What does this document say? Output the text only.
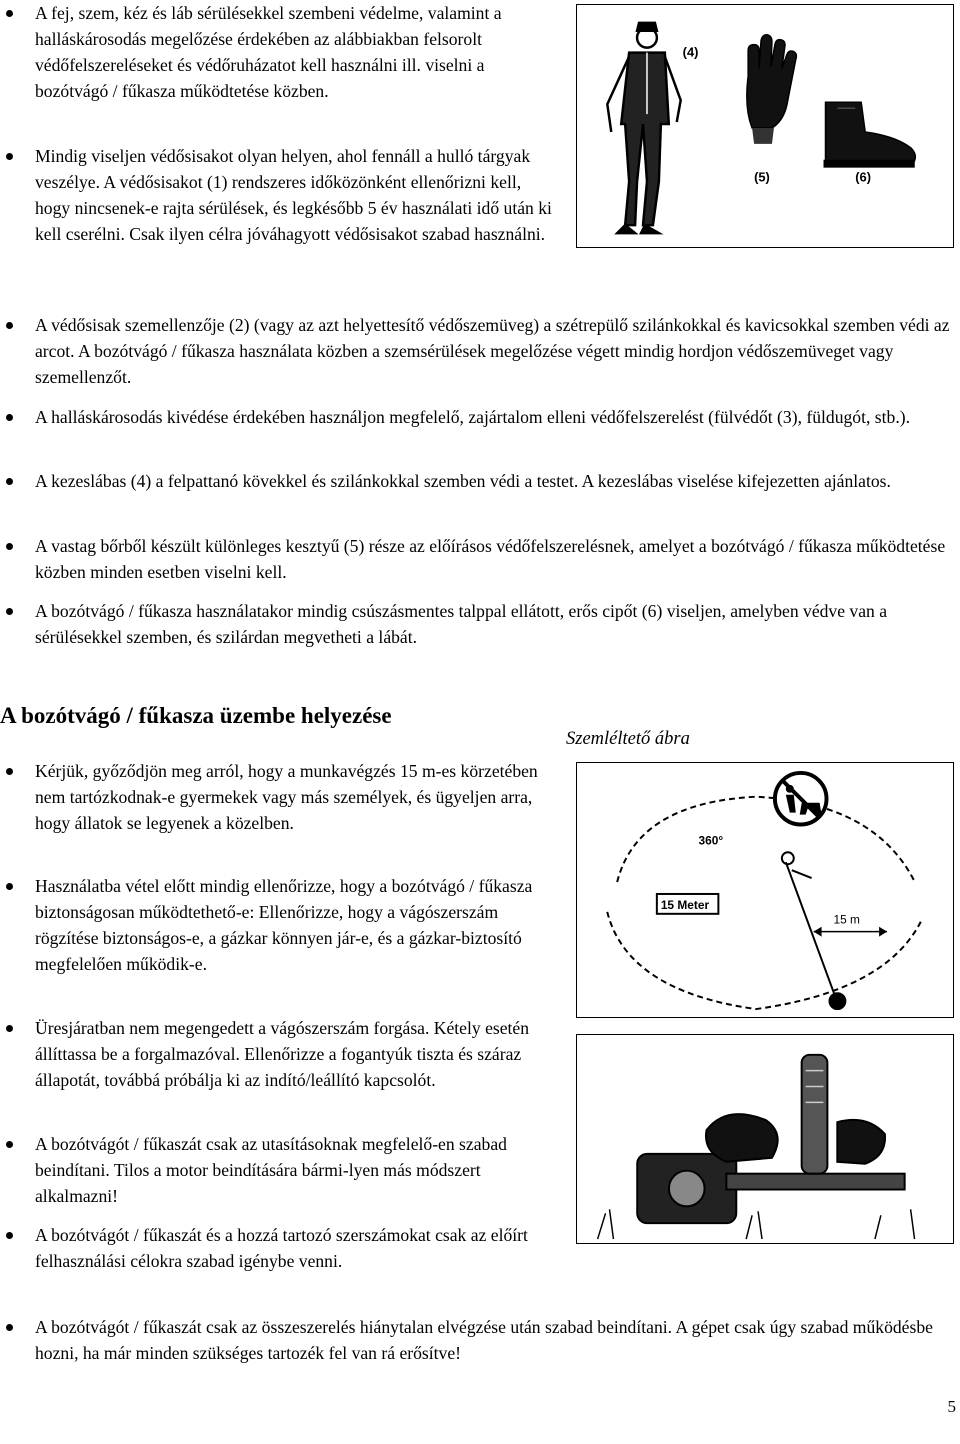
A fej, szem, kéz és láb sérülésekkel szembeni védelme, valamint a halláskárosodás megelőzése érdekében az alábbiakban felsorolt védőfelszereléseket és védőruházatot kell használni ill. viselni a bozótvágó / fűkasza működtetése közben.
Mindig viseljen védősisakot olyan helyen, ahol fennáll a hulló tárgyak veszélye. A védősisakot (1) rendszeres időközönként ellenőrizni kell, hogy nincsenek-e rajta sérülések, és legkésőbb 5 év használati idő után ki kell cserélni. Csak ilyen célra jóváhagyott védősisakot szabad használni.
A védősisak szemellenzője (2) (vagy az azt helyettesítő védőszemüveg) a szétrepülő szilánkokkal és kavicsokkal szemben védi az arcot. A bozótvágó / fűkasza használata közben a szemsérülések megelőzése végett mindig hordjon védőszemüveget vagy szemellenzőt.
A halláskárosodás kivédése érdekében használjon megfelelő, zajártalom elleni védőfelszerelést (fülvédőt (3), füldugót, stb.).
A kezeslábas (4) a felpattanó kövekkel és szilánkokkal szemben védi a testet. A kezeslábas viselése kifejezetten ajánlatos.
A vastag bőrből készült különleges kesztyű (5) része az előírásos védőfelszerelésnek, amelyet a bozótvágó / fűkasza működtetése közben minden esetben viselni kell.
A bozótvágó / fűkasza használatakor mindig csúszásmentes talppal ellátott, erős cipőt (6) viseljen, amelyben védve van a sérülésekkel szemben, és szilárdan megvetheti a lábát.
(4)
(5)	(6)
A bozótvágó / fűkasza üzembe helyezése
Szemléltető ábra
Kérjük, győződjön meg arról, hogy a munkavégzés 15 m-es körzetében nem tartózkodnak-e gyermekek vagy más személyek, és ügyeljen arra, hogy állatok se legyenek a közelben.
Használatba vétel előtt mindig ellenőrizze, hogy a bozótvágó / fűkasza biztonságosan működtethető-e: Ellenőrizze, hogy a vágószerszám rögzítése biztonságos-e, a gázkar könnyen jár-e, és a gázkar-biztosító megfelelően működik-e.
Üresjáratban nem megengedett a vágószerszám forgása. Kétely esetén állíttassa be a forgalmazóval. Ellenőrizze a fogantyúk tiszta és száraz állapotát, továbbá próbálja ki az indító/leállító kapcsolót.
A bozótvágót / fűkaszát csak az utasításoknak megfelelő-en szabad beindítani. Tilos a motor beindítására bármi-lyen más módszert alkalmazni!
A bozótvágót / fűkaszát és a hozzá tartozó szerszámokat csak az előírt felhasználási célokra szabad igénybe venni.
A bozótvágót / fűkaszát csak az összeszerelés hiánytalan elvégzése után szabad beindítani. A gépet csak úgy szabad működésbe hozni, ha már minden szükséges tartozék fel van rá erősítve!
360°
15 Meter
15 m
5
